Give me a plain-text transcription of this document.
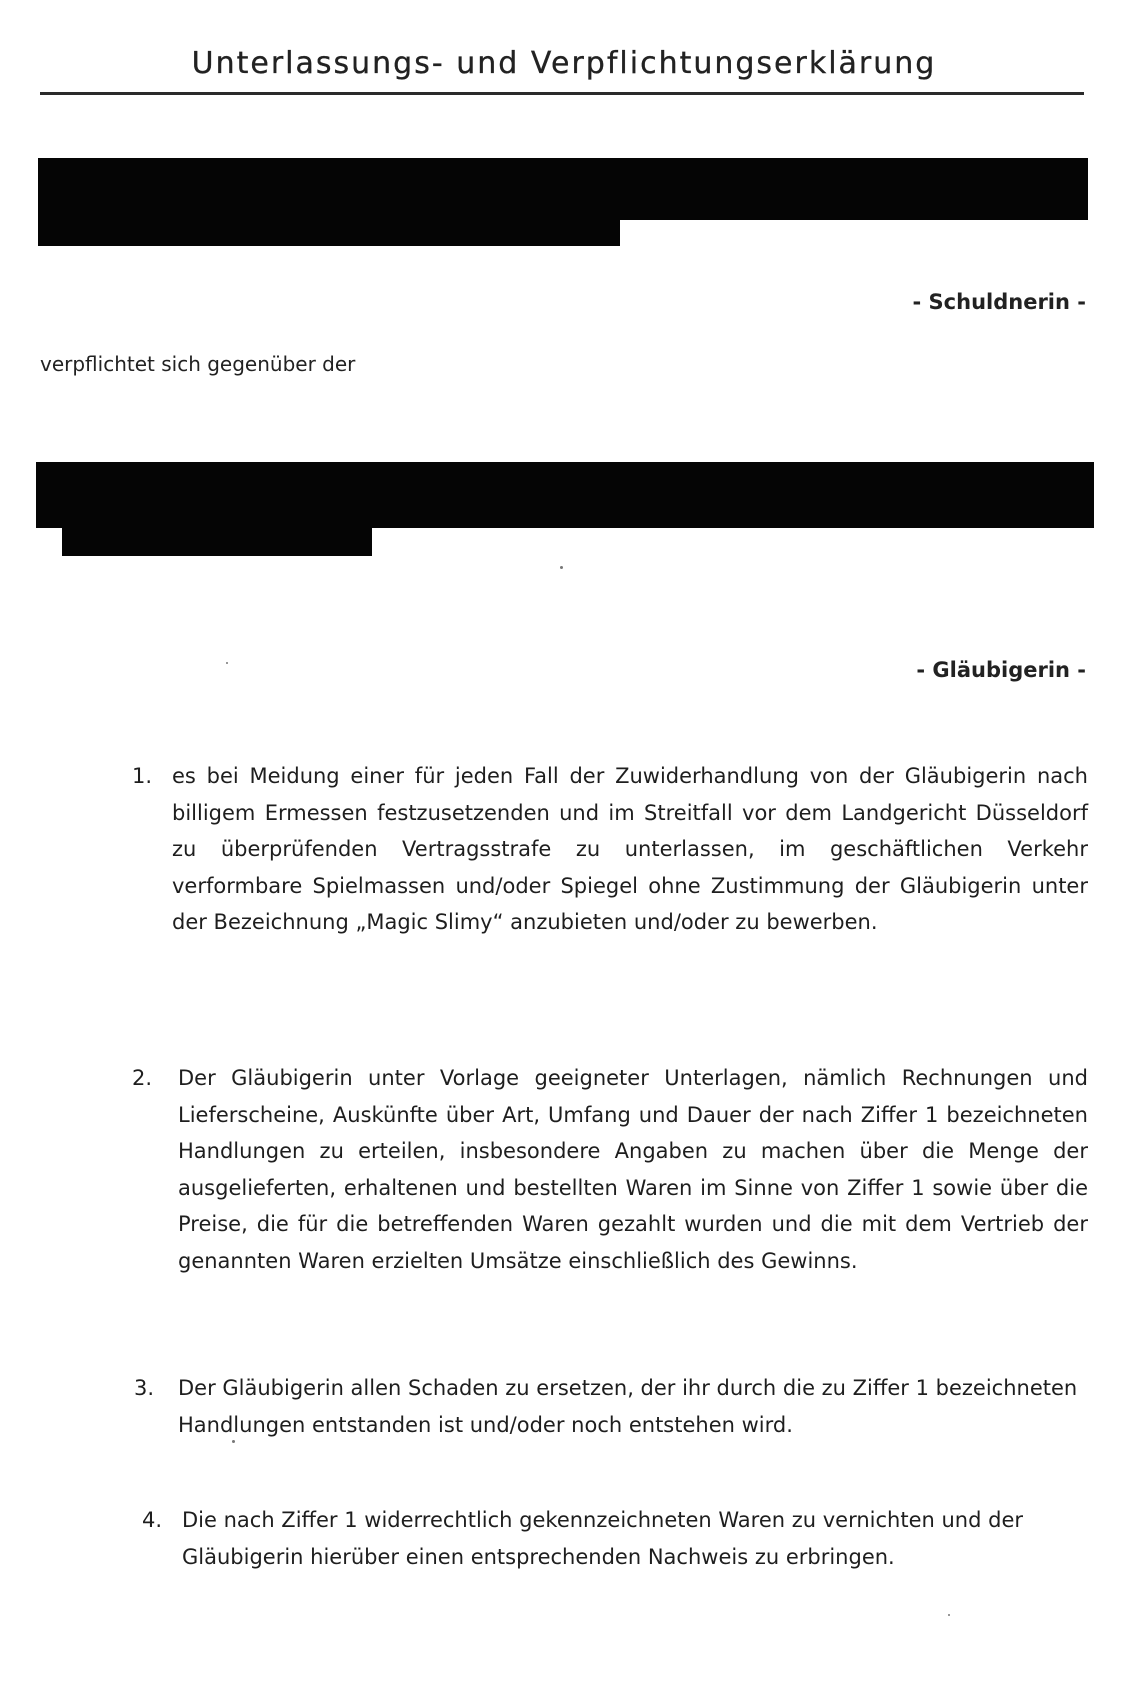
Unterlassungs- und Verpflichtungserklärung
- Schuldnerin -
verpflichtet sich gegenüber der
- Gläubigerin -
1. es bei Meidung einer für jeden Fall der Zuwiderhandlung von der Gläubigerin nach billigem Ermessen festzusetzenden und im Streitfall vor dem Landgericht Düsseldorf zu überprüfenden Vertragsstrafe zu unterlassen, im geschäftlichen Verkehr verformbare Spielmassen und/oder Spiegel ohne Zustimmung der Gläubigerin unter der Bezeichnung „Magic Slimy“ anzubieten und/oder zu bewerben.
2. Der Gläubigerin unter Vorlage geeigneter Unterlagen, nämlich Rechnungen und Lieferscheine, Auskünfte über Art, Umfang und Dauer der nach Ziffer 1 bezeichneten Handlungen zu erteilen, insbesondere Angaben zu machen über die Menge der ausgelieferten, erhaltenen und bestellten Waren im Sinne von Ziffer 1 sowie über die Preise, die für die betreffenden Waren gezahlt wurden und die mit dem Vertrieb der genannten Waren erzielten Umsätze einschließlich des Gewinns.
3. Der Gläubigerin allen Schaden zu ersetzen, der ihr durch die zu Ziffer 1 bezeichneten Handlungen entstanden ist und/oder noch entstehen wird.
4. Die nach Ziffer 1 widerrechtlich gekennzeichneten Waren zu vernichten und der Gläubigerin hierüber einen entsprechenden Nachweis zu erbringen.
